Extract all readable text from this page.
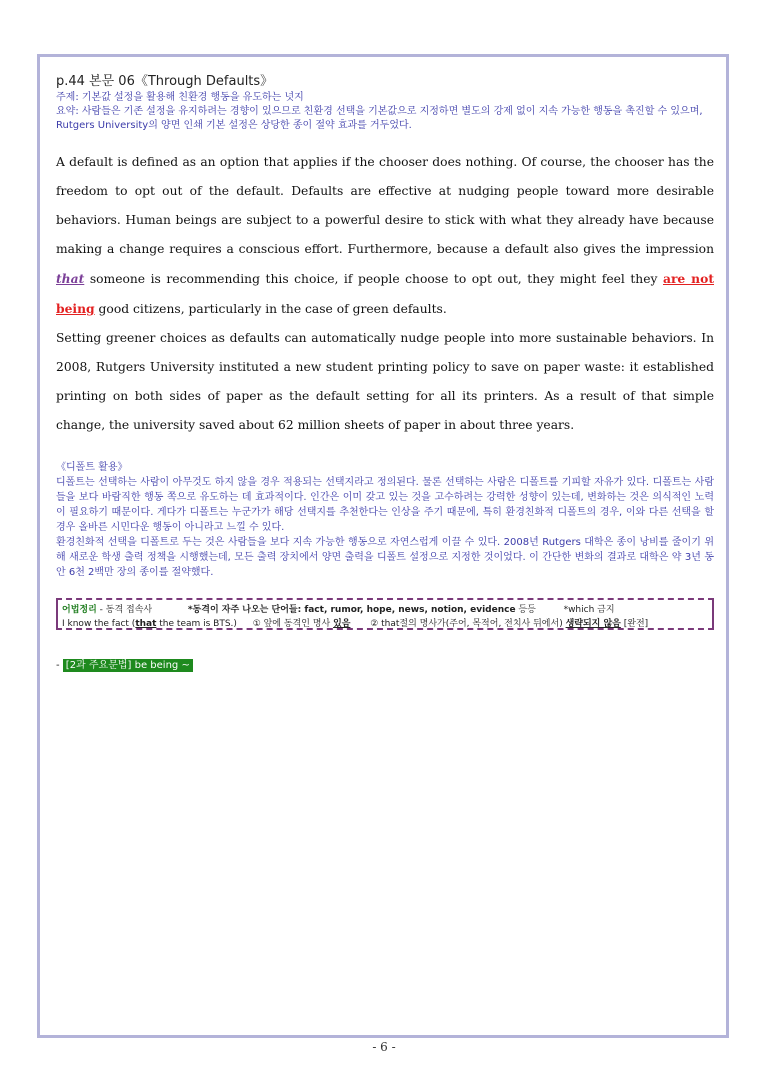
p.44 본문 06《Through Defaults》
주제: 기본값 설정을 활용해 친환경 행동을 유도하는 넛지
요약: 사람들은 기존 설정을 유지하려는 경향이 있으므로 친환경 선택을 기본값으로 지정하면 별도의 강제 없이 지속 가능한 행동을 촉진할 수 있으며, Rutgers University의 양면 인쇄 기본 설정은 상당한 종이 절약 효과를 거두었다.

A default is defined as an option that applies if the chooser does nothing. Of course, the chooser has the freedom to opt out of the default. Defaults are effective at nudging people toward more desirable behaviors. Human beings are subject to a powerful desire to stick with what they already have because making a change requires a conscious effort. Furthermore, because a default also gives the impression that someone is recommending this choice, if people choose to opt out, they might feel they are not being good citizens, particularly in the case of green defaults.

Setting greener choices as defaults can automatically nudge people into more sustainable behaviors. In 2008, Rutgers University instituted a new student printing policy to save on paper waste: it established printing on both sides of paper as the default setting for all its printers. As a result of that simple change, the university saved about 62 million sheets of paper in about three years.

《디폴트 활용》
디폴트는 선택하는 사람이 아무것도 하지 않을 경우 적용되는 선택지라고 정의된다. 물론 선택하는 사람은 디폴트를 기피할 자유가 있다. 디폴트는 사람들을 보다 바람직한 행동 쪽으로 유도하는 데 효과적이다. 인간은 이미 갖고 있는 것을 고수하려는 강력한 성향이 있는데, 변화하는 것은 의식적인 노력이 필요하기 때문이다. 게다가 디폴트는 누군가가 해당 선택지를 추천한다는 인상을 주기 때문에, 특히 환경친화적 디폴트의 경우, 이와 다른 선택을 할 경우 올바른 시민다운 행동이 아니라고 느낄 수 있다.
환경친화적 선택을 디폴트로 두는 것은 사람들을 보다 지속 가능한 행동으로 자연스럽게 이끌 수 있다. 2008년 Rutgers 대학은 종이 낭비를 줄이기 위해 새로운 학생 출력 정책을 시행했는데, 모든 출력 장치에서 양면 출력을 디폴트 설정으로 지정한 것이었다. 이 간단한 변화의 결과로 대학은 약 3년 동안 6천 2백만 장의 종이를 절약했다.
어법정리 - 동격 접속사	*동격이 자주 나오는 단어들: fact, rumor, hope, news, notion, evidence 등등	*which 금지
I know the fact (that the team is BTS.) ① 앞에 동격인 명사 있음 ② that절의 명사가(주어, 목적어, 전치사 뒤에서) 생략되지 않음 [완전]
- [2과 주요문법] be being ~
- 6 -
